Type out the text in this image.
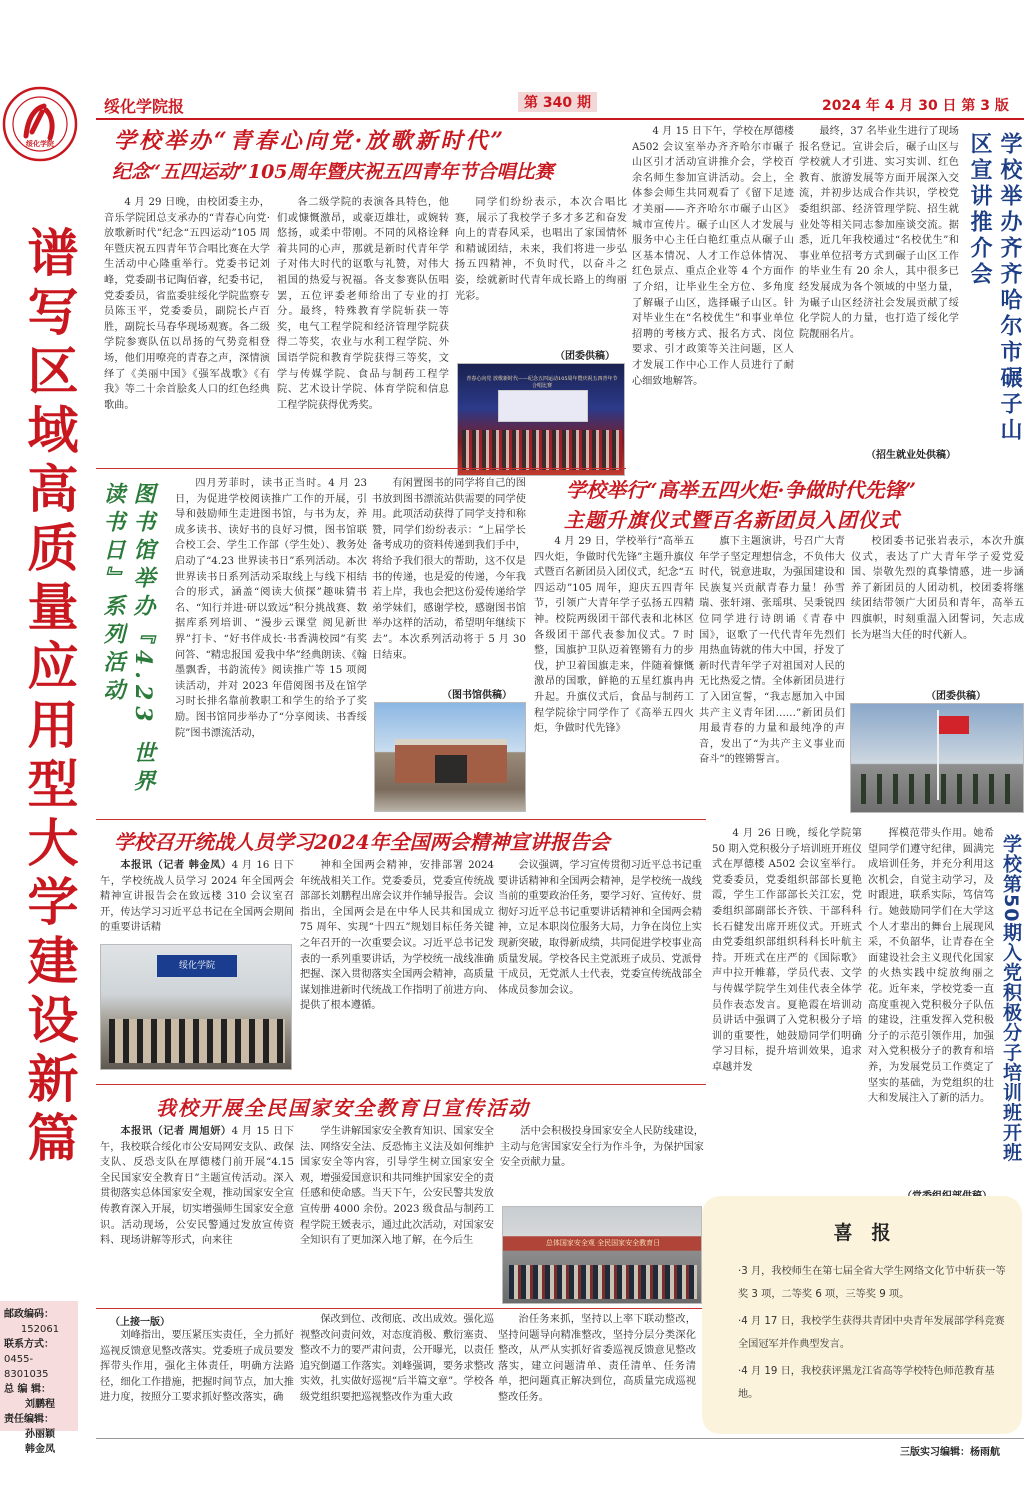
绥化学院
绥化学院报	第 340 期	2024 年 4 月 30 日 第 3 版
谱写区域高质量应用型大学建设新篇
邮政编码：
152061
联系方式：
0455-8301035
总 编 辑：
刘鹏程
责任编辑：
孙丽颖
韩金凤
学校举办“青春心向党·放歌新时代”
纪念“五四运动”105周年暨庆祝五四青年节合唱比赛

4 月 29 日晚，由校团委主办，音乐学院团总支承办的“青春心向党·放歌新时代”纪念“五四运动”105 周年暨庆祝五四青年节合唱比赛在大学生活动中心隆重举行。党委书记刘峰，党委副书记陶佰睿，纪委书记，党委委员，省监委驻绥化学院监察专员陈玉平，党委委员，副院长卢百胜，副院长马春华现场观赛。各二级学院参赛队伍以昂扬的气势竞相登场，他们用嘹亮的青春之声，深情演绎了《美丽中国》《强军战歌》《有我》等二十余首脍炙人口的红色经典歌曲。

各二级学院的表演各具特色，他们或慷慨激昂，或豪迈雄壮，或婉转悠扬，或柔中带刚。不同的风格诠释着共同的心声，那就是新时代青年学子对伟大时代的讴歌与礼赞，对伟大祖国的热爱与祝福。各支参赛队伍唱罢，五位评委老师给出了专业的打分。最终，特殊教育学院斩获一等奖，电气工程学院和经济管理学院获得二等奖，农业与水利工程学院、外国语学院和教育学院获得三等奖，文学与传媒学院、食品与制药工程学院、艺术设计学院、体育学院和信息工程学院获得优秀奖。

同学们纷纷表示，本次合唱比赛，展示了我校学子多才多艺和奋发向上的青春风采，也唱出了家国情怀和精诚团结，未来，我们将进一步弘扬五四精神，不负时代，以奋斗之姿，绘就新时代青年成长路上的绚丽光彩。

（团委供稿）
青春心向党 放歌新时代——纪念五四运动105周年暨庆祝五四青年节合唱比赛

4 月 15 日下午，学校在厚德楼 A502 会议室举办齐齐哈尔市碾子山区引才活动宣讲推介会，学校百余名师生参加宣讲活动。会上，全体参会师生共同观看了《留下足迹才美丽——齐齐哈尔市碾子山区》城市宣传片。碾子山区人才发展与服务中心主任白艳红重点从碾子山区基本情况、人才工作总体情况、红色景点、重点企业等 4 个方面作了介绍，让毕业生全方位、多角度了解碾子山区，选择碾子山区。针对毕业生在“名校优生”和事业单位招聘的考核方式、报名方式、岗位要求、引才政策等关注问题，区人才发展工作中心工作人员进行了耐心细致地解答。

最终，37 名毕业生进行了现场报名登记。宣讲会后，碾子山区与学校就人才引进、实习实训、红色教育、旅游发展等方面开展深入交流，并初步达成合作共识，学校党委组织部、经济管理学院、招生就业处等相关同志参加座谈交流。据悉，近几年我校通过“名校优生”和事业单位招考方式到碾子山区工作的毕业生有 20 余人，其中很多已经发展成为各个领域的中坚力量，为碾子山区经济社会发展贡献了绥化学院人的力量，也打造了绥化学院靓丽名片。

（招生就业处供稿）
学校举办齐齐哈尔市碾子山区宣讲推介会
图书馆举办『4.23 世界读书日』系列活动	四月芳菲时，读书正当时。4 月 23 日，为促进学校阅读推广工作的开展，引导和鼓励师生走进图书馆，与书为友，养成多读书、读好书的良好习惯，图书馆联合校工会、学生工作部（学生处）、教务处启动了“4.23 世界读书日”系列活动。本次世界读书日系列活动采取线上与线下相结合的形式，涵盖“阅读大侦探”趣味猜书名、“知行并进·研以致远”积分挑战赛、数据库系列培训、“漫步云课堂 阅见新世界”打卡、“好书伴成长·书香满校园”有奖问答、“精忠报国 爱我中华”经典朗读、《翰墨飘香，书韵流传》阅读推广等 15 项阅读活动，并对 2023 年借阅图书及在馆学习时长排名靠前教职工和学生的给予了奖励。图书馆同步举办了“分享阅读、书香绥院”图书漂流活动，

有闲置图书的同学将自己的图书放到图书漂流站供需要的同学使用。此项活动获得了同学支持和称赞，同学们纷纷表示：“上届学长备考成功的资料传递到我们手中，将给予我们很大的帮助，这不仅是书的传递，也是爱的传递，今年我若上岸，我也会把这份爱传递给学弟学妹们，感谢学校，感谢图书馆举办这样的活动，希望明年继续下去”。本次系列活动将于 5 月 30 日结束。

（图书馆供稿）
学校举行“高举五四火炬·争做时代先锋”
主题升旗仪式暨百名新团员入团仪式

4 月 29 日，学校举行“高举五四火炬，争做时代先锋”主题升旗仪式暨百名新团员入团仪式，纪念“五四运动”105 周年，迎庆五四青年节，引领广大青年学子弘扬五四精神。校院两级团干部代表和北林区各级团干部代表参加仪式。7 时整，国旗护卫队迈着铿锵有力的步伐，护卫着国旗走来，伴随着慷慨激昂的国歌，鲜艳的五星红旗冉冉升起。升旗仪式后，食品与制药工程学院徐宁同学作了《高举五四火炬，争做时代先锋》

旗下主题演讲，号召广大青年学子坚定理想信念，不负伟大时代，锐意进取，为强国建设和民族复兴贡献青春力量！孙雪瑞、张轩翊、张瑶琪、吴秉锐四位同学进行诗朗诵《青春中国》，讴歌了一代代青年先烈们用热血铸就的伟大中国，抒发了新时代青年学子对祖国对人民的无比热爱之情。全体新团员进行了入团宣誓，“我志愿加入中国共产主义青年团……”新团员们用最青春的力量和最纯净的声音，发出了“为共产主义事业而奋斗”的铿锵誓言。

校团委书记张岩表示，本次升旗仪式，表达了广大青年学子爱党爱国、崇敬先烈的真挚情感，进一步涵养了新团员的人团动机，校团委将继续团结带领广大团员和青年，高举五四旗帜，时刻重温入团誓词，矢志成长为堪当大任的时代新人。

（团委供稿）
学校召开统战人员学习2024年全国两会精神宣讲报告会

本报讯（记者 韩金凤）4 月 16 日下午，学校统战人员学习 2024 年全国两会精神宣讲报告会在致远楼 310 会议室召开，传达学习习近平总书记在全国两会期间的重要讲话精

绥化学院

神和全国两会精神，安排部署 2024 年统战相关工作。党委委员，党委宣传统战部部长刘鹏程出席会议并作辅导报告。会议指出，全国两会是在中华人民共和国成立 75 周年、实现“十四五”规划目标任务关键之年召开的一次重要会议。习近平总书记发表的一系列重要讲话，为学校统一战线准确把握、深入贯彻落实全国两会精神，高质量谋划推进新时代统战工作指明了前进方向、提供了根本遵循。

会议强调，学习宣传贯彻习近平总书记重要讲话精神和全国两会精神，是学校统一战线当前的重要政治任务，要学习好、宣传好、贯彻好习近平总书记重要讲话精神和全国两会精神，立足本职岗位服务大局，力争在岗位上实现新突破，取得新成绩，共同促进学校事业高质量发展。学校各民主党派班子成员、党派骨干成员，无党派人士代表，党委宣传统战部全体成员参加会议。

我校开展全民国家安全教育日宣传活动

本报讯（记者 周旭妍）4 月 15 日下午，我校联合绥化市公安局网安支队、政保支队、反恐支队在厚德楼门前开展“4.15 全民国家安全教育日”主题宣传活动。深入贯彻落实总体国家安全观，推动国家安全宣传教育深入开展，切实增强师生国家安全意识。活动现场，公安民警通过发放宣传资料、现场讲解等形式，向来往

学生讲解国家安全教育知识、国家安全法、网络安全法、反恐怖主义法及如何维护国家安全等内容，引导学生树立国家安全观，增强爱国意识和共同维护国家安全的责任感和使命感。当天下午，公安民警共发放宣传册 4000 余份。2023 级食品与制药工程学院王媛表示，通过此次活动，对国家安全知识有了更加深入地了解，在今后生

活中会积极投身国家安全人民防线建设，主动与危害国家安全行为作斗争，为保护国家安全贡献力量。

总体国家安全观 全民国家安全教育日

4 月 26 日晚，绥化学院第 50 期入党积极分子培训班开班仪式在厚德楼 A502 会议室举行。党委委员，党委组织部部长夏艳霞，学生工作部部长关江宏，党委组织部副部长齐铁、干部科科长石健发出席开班仪式。开班式由党委组织部组织科科长叶航主持。开班式在庄严的《国际歌》声中拉开帷幕，学员代表、文学与传媒学院学生刘佳代表全体学员作表态发言。夏艳霞在培训动员讲话中强调了入党积极分子培训的重要性，她鼓励同学们明确学习目标，提升培训效果，追求卓越并发

挥模范带头作用。她希望同学们遵守纪律，圆满完成培训任务，并充分利用这次机会，自觉主动学习，及时跟进，联系实际，笃信笃行。她鼓励同学们在大学这个人才辈出的舞台上展现风采，不负韶华，让青春在全面建设社会主义现代化国家的火热实践中绽放绚丽之花。近年来，学校党委一直高度重视入党积极分子队伍的建设，注重发挥入党积极分子的示范引领作用，加强对入党积极分子的教育和培养，为发展党员工作奠定了坚实的基础，为党组织的壮大和发展注入了新的活力。 学校第50期入党积极分子培训班开班
（上接一版）

刘峰指出，要压紧压实责任，全力抓好巡视反馈意见整改落实。党委班子成员要发挥带头作用，强化主体责任，明确方法路径，细化工作措施，把握时间节点，加大推进力度，按照分工要求抓好整改落实，确

保改到位、改彻底、改出成效。强化巡视整改问责问效，对态度消极、敷衍塞责、整改不力的要严肃问责，公开曝光，以责任追究倒逼工作落实。刘峰强调，要务求整改实效，扎实做好巡视“后半篇文章”。学校各级党组织要把巡视整改作为重大政

治任务来抓，坚持以上率下联动整改，坚持问题导向精准整改，坚持分层分类深化整改，从严从实抓好省委巡视反馈意见整改落实，建立问题清单、责任清单、任务清单，把问题真正解决到位，高质量完成巡视整改任务。

喜　报
·3 月，我校师生在第七届全省大学生网络文化节中斩获一等奖 3 项，二等奖 6 项，三等奖 9 项。
·4 月 17 日，我校学生获得共青团中央青年发展部学科竞赛全国冠军并作典型发言。
·4 月 19 日，我校获评黑龙江省高等学校特色师范教育基地。
三版实习编辑：杨雨航
